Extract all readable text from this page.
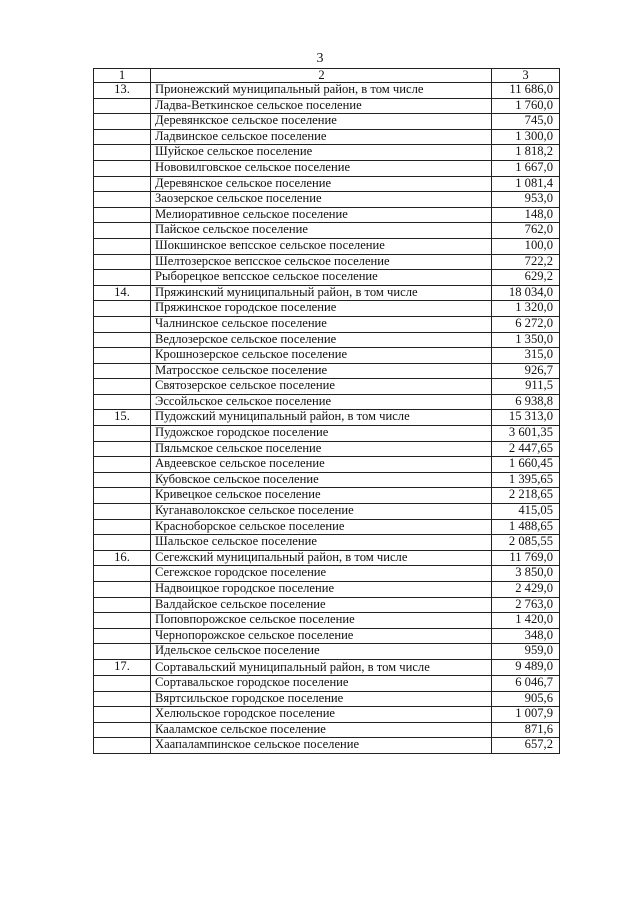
3
1	2	3
13.	Прионежский муниципальный район, в том числе	11 686,0
	Ладва-Веткинское сельское поселение	1 760,0
	Деревянкское сельское поселение	745,0
	Ладвинское сельское поселение	1 300,0
	Шуйское сельское поселение	1 818,2
	Нововилговское сельское поселение	1 667,0
	Деревянское сельское поселение	1 081,4
	Заозерское сельское поселение	953,0
	Мелиоративное сельское поселение	148,0
	Пайское сельское поселение	762,0
	Шокшинское вепсское сельское поселение	100,0
	Шелтозерское вепсское сельское поселение	722,2
	Рыборецкое вепсское сельское поселение	629,2
14.	Пряжинский муниципальный район, в том числе	18 034,0
	Пряжинское городское поселение	1 320,0
	Чалнинское сельское поселение	6 272,0
	Ведлозерское сельское поселение	1 350,0
	Крошнозерское сельское поселение	315,0
	Матросское сельское поселение	926,7
	Святозерское сельское поселение	911,5
	Эссойльское сельское поселение	6 938,8
15.	Пудожский муниципальный район, в том числе	15 313,0
	Пудожское городское поселение	3 601,35
	Пяльмское сельское поселение	2 447,65
	Авдеевское сельское поселение	1 660,45
	Кубовское сельское поселение	1 395,65
	Кривецкое сельское поселение	2 218,65
	Куганаволокское сельское поселение	415,05
	Красноборское сельское поселение	1 488,65
	Шальское сельское поселение	2 085,55
16.	Сегежский муниципальный район, в том числе	11 769,0
	Сегежское городское поселение	3 850,0
	Надвоицкое городское поселение	2 429,0
	Валдайское сельское поселение	2 763,0
	Поповпорожское сельское поселение	1 420,0
	Чернопорожское сельское поселение	348,0
	Идельское сельское поселение	959,0
17.	Сортавальский муниципальный район, в том числе	9 489,0
	Сортавальское городское поселение	6 046,7
	Вяртсильское городское поселение	905,6
	Хелюльское городское поселение	1 007,9
	Кааламское сельское поселение	871,6
	Хаапалампинское сельское поселение	657,2
